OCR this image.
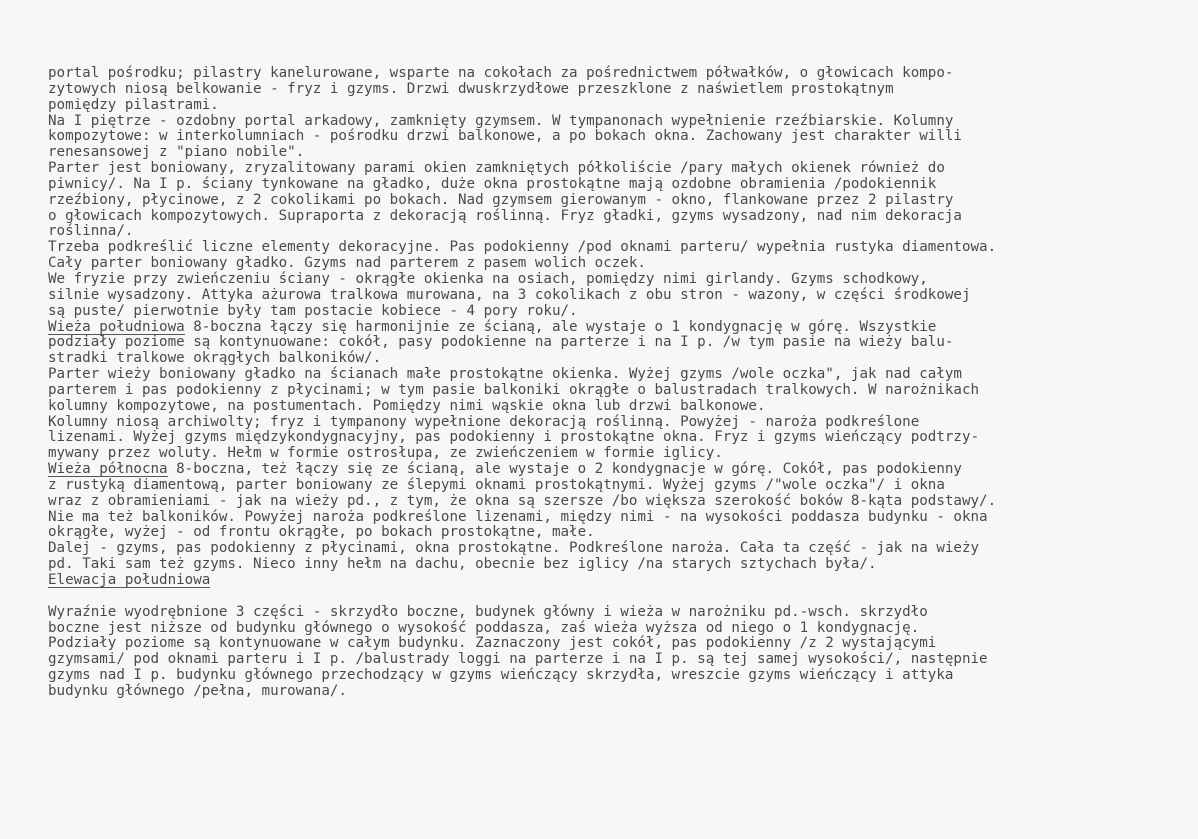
portal pośrodku; pilastry kanelurowane, wsparte na cokołach za pośrednictwem półwałków, o głowicach kompo-
zytowych niosą belkowanie - fryz i gzyms. Drzwi dwuskrzydłowe przeszklone z naświetlem prostokątnym
pomiędzy pilastrami.
Na I piętrze - ozdobny portal arkadowy, zamknięty gzymsem. W tympanonach wypełnienie rzeźbiarskie. Kolumny
kompozytowe: w interkolumniach - pośrodku drzwi balkonowe, a po bokach okna. Zachowany jest charakter willi
renesansowej z "piano nobile".
Parter jest boniowany, zryzalitowany parami okien zamkniętych półkoliście /pary małych okienek również do
piwnicy/. Na I p. ściany tynkowane na gładko, duże okna prostokątne mają ozdobne obramienia /podokiennik
rzeźbiony, płycinowe, z 2 cokolikami po bokach. Nad gzymsem gierowanym - okno, flankowane przez 2 pilastry
o głowicach kompozytowych. Supraporta z dekoracją roślinną. Fryz gładki, gzyms wysadzony, nad nim dekoracja
roślinna/.
Trzeba podkreślić liczne elementy dekoracyjne. Pas podokienny /pod oknami parteru/ wypełnia rustyka diamentowa.
Cały parter boniowany gładko. Gzyms nad parterem z pasem wolich oczek.
We fryzie przy zwieńczeniu ściany - okrągłe okienka na osiach, pomiędzy nimi girlandy. Gzyms schodkowy,
silnie wysadzony. Attyka ażurowa tralkowa murowana, na 3 cokolikach z obu stron - wazony, w części środkowej
są puste/ pierwotnie były tam postacie kobiece - 4 pory roku/.
Wieża południowa 8-boczna łączy się harmonijnie ze ścianą, ale wystaje o 1 kondygnację w górę. Wszystkie
podziały poziome są kontynuowane: cokół, pasy podokienne na parterze i na I p. /w tym pasie na wieży balu-
stradki tralkowe okrągłych balkoników/.
Parter wieży boniowany gładko na ścianach małe prostokątne okienka. Wyżej gzyms /wole oczka", jak nad całym
parterem i pas podokienny z płycinami; w tym pasie balkoniki okrągłe o balustradach tralkowych. W narożnikach
kolumny kompozytowe, na postumentach. Pomiędzy nimi wąskie okna lub drzwi balkonowe.
Kolumny niosą archiwolty; fryz i tympanony wypełnione dekoracją roślinną. Powyżej - naroża podkreślone
lizenami. Wyżej gzyms międzykondygnacyjny, pas podokienny i prostokątne okna. Fryz i gzyms wieńczący podtrzy-
mywany przez woluty. Hełm w formie ostrosłupa, ze zwieńczeniem w formie iglicy.
Wieża północna 8-boczna, też łączy się ze ścianą, ale wystaje o 2 kondygnacje w górę. Cokół, pas podokienny
z rustyką diamentową, parter boniowany ze ślepymi oknami prostokątnymi. Wyżej gzyms /"wole oczka"/ i okna
wraz z obramieniami - jak na wieży pd., z tym, że okna są szersze /bo większa szerokość boków 8-kąta podstawy/.
Nie ma też balkoników. Powyżej naroża podkreślone lizenami, między nimi - na wysokości poddasza budynku - okna
okrągłe, wyżej - od frontu okrągłe, po bokach prostokątne, małe.
Dalej - gzyms, pas podokienny z płycinami, okna prostokątne. Podkreślone naroża. Cała ta część - jak na wieży
pd. Taki sam też gzyms. Nieco inny hełm na dachu, obecnie bez iglicy /na starych sztychach była/.
Elewacja południowa

Wyraźnie wyodrębnione 3 części - skrzydło boczne, budynek główny i wieża w narożniku pd.-wsch. skrzydło
boczne jest niższe od budynku głównego o wysokość poddasza, zaś wieża wyższa od niego o 1 kondygnację.
Podziały poziome są kontynuowane w całym budynku. Zaznaczony jest cokół, pas podokienny /z 2 wystającymi
gzymsami/ pod oknami parteru i I p. /balustrady loggi na parterze i na I p. są tej samej wysokości/, następnie
gzyms nad I p. budynku głównego przechodzący w gzyms wieńczący skrzydła, wreszcie gzyms wieńczący i attyka
budynku głównego /pełna, murowana/.
